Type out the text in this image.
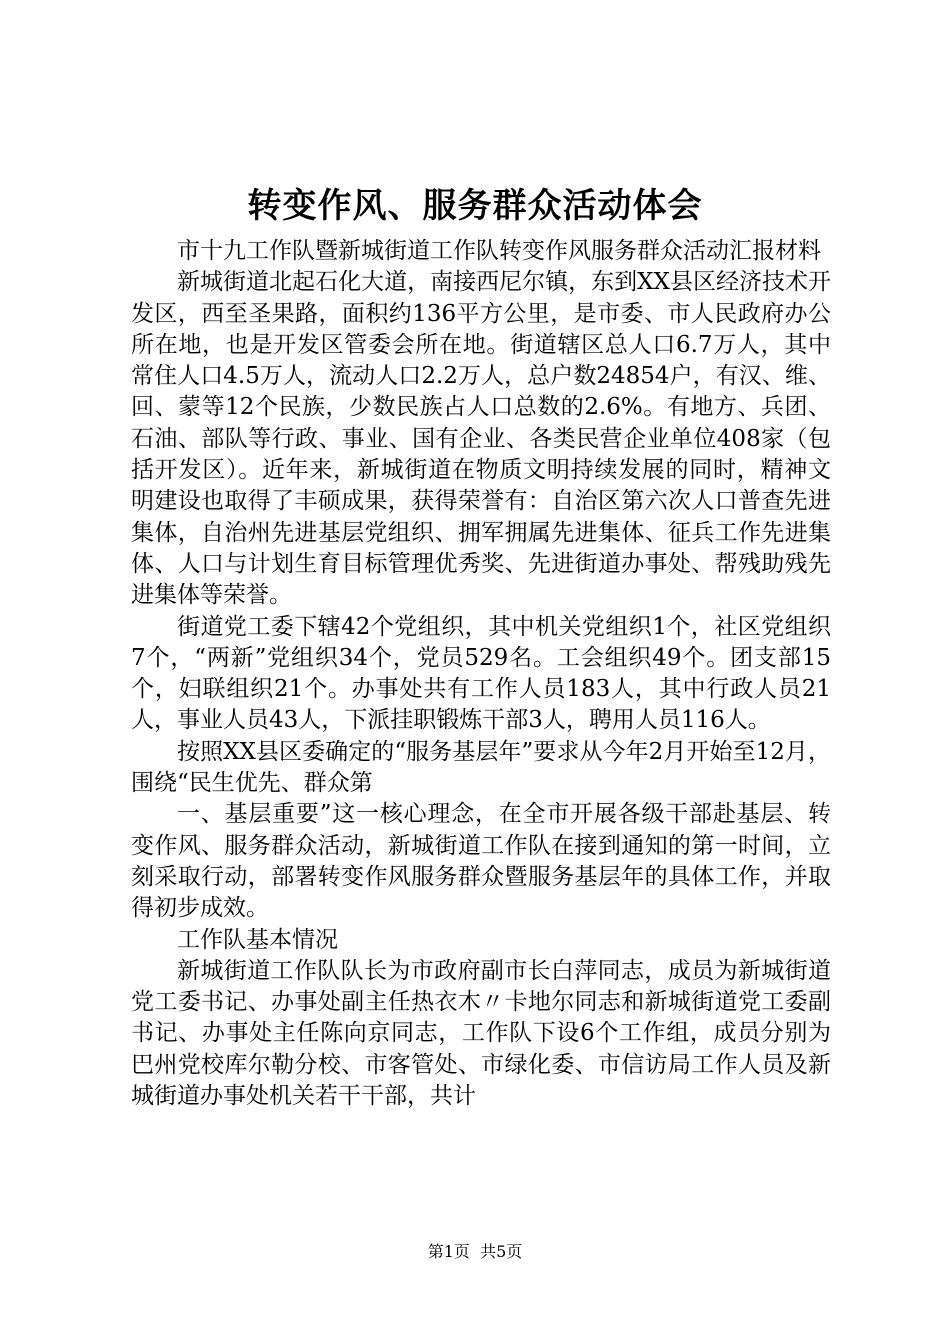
转变作风、服务群众活动体会

市十九工作队暨新城街道工作队转变作风服务群众活动汇报材料

新城街道北起石化大道，南接西尼尔镇，东到XX县区经济技术开发区，西至圣果路，面积约136平方公里，是市委、市人民政府办公所在地，也是开发区管委会所在地。街道辖区总人口6.7万人，其中常住人口4.5万人，流动人口2.2万人，总户数24854户，有汉、维、回、蒙等12个民族，少数民族占人口总数的2.6%。有地方、兵团、石油、部队等行政、事业、国有企业、各类民营企业单位408家（包括开发区）。近年来，新城街道在物质文明持续发展的同时，精神文明建设也取得了丰硕成果，获得荣誉有：自治区第六次人口普查先进集体，自治州先进基层党组织、拥军拥属先进集体、征兵工作先进集体、人口与计划生育目标管理优秀奖、先进街道办事处、帮残助残先进集体等荣誉。

街道党工委下辖42个党组织，其中机关党组织1个，社区党组织7个，“两新”党组织34个，党员529名。工会组织49个。团支部15个，妇联组织21个。办事处共有工作人员183人，其中行政人员21人，事业人员43人，下派挂职锻炼干部3人，聘用人员116人。

按照XX县区委确定的“服务基层年”要求从今年2月开始至12月，围绕“民生优先、群众第

一、基层重要”这一核心理念，在全市开展各级干部赴基层、转变作风、服务群众活动，新城街道工作队在接到通知的第一时间，立刻采取行动，部署转变作风服务群众暨服务基层年的具体工作，并取得初步成效。

工作队基本情况

新城街道工作队队长为市政府副市长白萍同志，成员为新城街道党工委书记、办事处副主任热衣木〃卡地尔同志和新城街道党工委副书记、办事处主任陈向京同志，工作队下设6个工作组，成员分别为巴州党校库尔勒分校、市客管处、市绿化委、市信访局工作人员及新城街道办事处机关若干干部，共计

第1页  共5页
